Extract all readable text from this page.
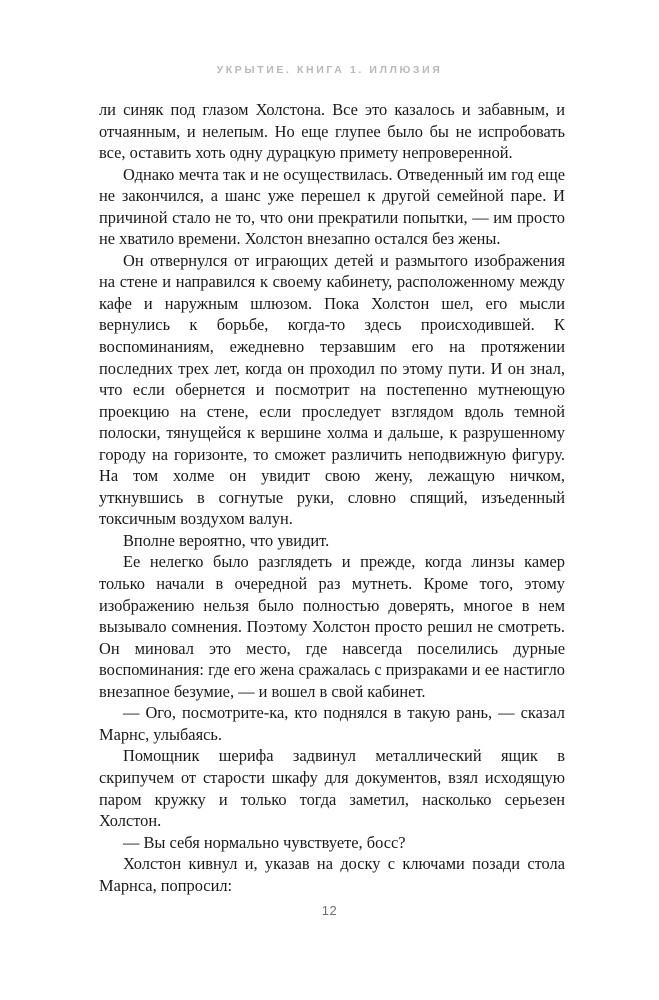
УКРЫТИЕ. КНИГА 1. ИЛЛЮЗИЯ

ли синяк под глазом Холстона. Все это казалось и забавным, и отчаянным, и нелепым. Но еще глупее было бы не испробовать все, оставить хоть одну дурацкую примету непроверенной.

Однако мечта так и не осуществилась. Отведенный им год еще не закончился, а шанс уже перешел к другой семейной паре. И причиной стало не то, что они прекратили попытки, — им просто не хватило времени. Холстон внезапно остался без жены.

Он отвернулся от играющих детей и размытого изображения на стене и направился к своему кабинету, расположенному между кафе и наружным шлюзом. Пока Холстон шел, его мысли вернулись к борьбе, когда-то здесь происходившей. К воспоминаниям, ежедневно терзавшим его на протяжении последних трех лет, когда он проходил по этому пути. И он знал, что если обернется и посмотрит на постепенно мутнеющую проекцию на стене, если проследует взглядом вдоль темной полоски, тянущейся к вершине холма и дальше, к разрушенному городу на горизонте, то сможет различить неподвижную фигуру. На том холме он увидит свою жену, лежащую ничком, уткнувшись в согнутые руки, словно спящий, изъеденный токсичным воздухом валун.

Вполне вероятно, что увидит.

Ее нелегко было разглядеть и прежде, когда линзы камер только начали в очередной раз мутнеть. Кроме того, этому изображению нельзя было полностью доверять, многое в нем вызывало сомнения. Поэтому Холстон просто решил не смотреть. Он миновал это место, где навсегда поселились дурные воспоминания: где его жена сражалась с призраками и ее настигло внезапное безумие, — и вошел в свой кабинет.

— Ого, посмотрите-ка, кто поднялся в такую рань, — сказал Марнс, улыбаясь.

Помощник шерифа задвинул металлический ящик в скрипучем от старости шкафу для документов, взял исходящую паром кружку и только тогда заметил, насколько серьезен Холстон.

— Вы себя нормально чувствуете, босс?

Холстон кивнул и, указав на доску с ключами позади стола Марнса, попросил:

12
